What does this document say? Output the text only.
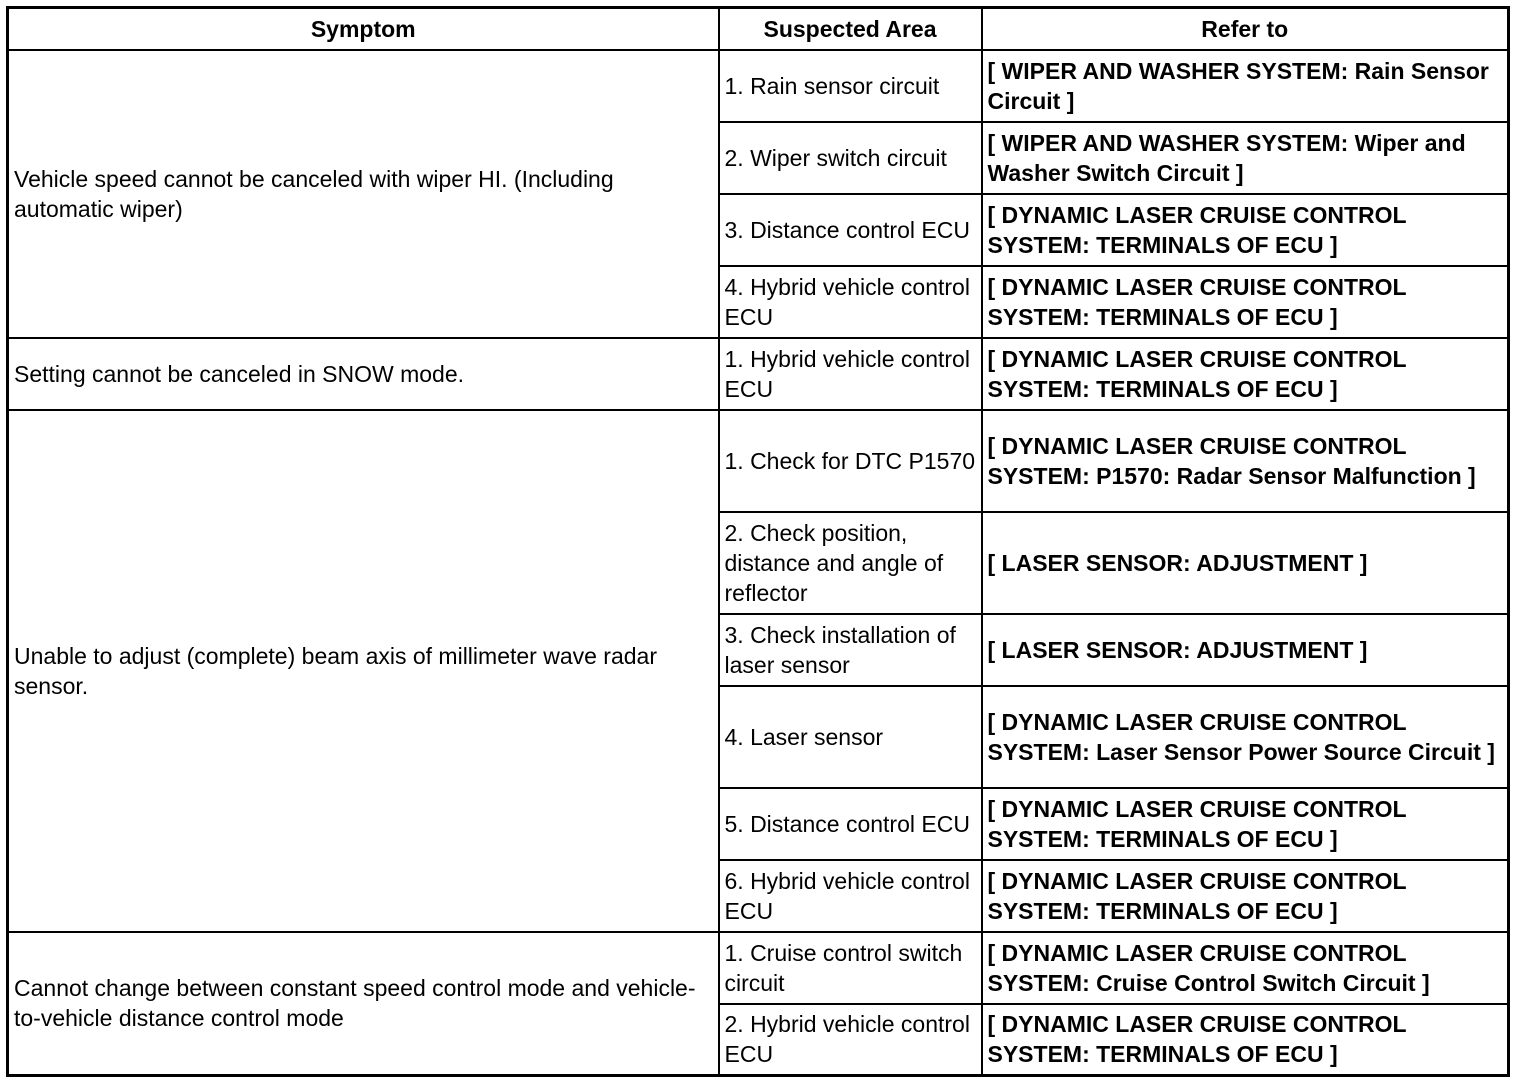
Symptom	Suspected Area	Refer to
Vehicle speed cannot be canceled with wiper HI. (Including automatic wiper)	1. Rain sensor circuit	[ WIPER AND WASHER SYSTEM: Rain Sensor Circuit ]
	2. Wiper switch circuit	[ WIPER AND WASHER SYSTEM: Wiper and Washer Switch Circuit ]
	3. Distance control ECU	[ DYNAMIC LASER CRUISE CONTROL SYSTEM: TERMINALS OF ECU ]
	4. Hybrid vehicle control ECU	[ DYNAMIC LASER CRUISE CONTROL SYSTEM: TERMINALS OF ECU ]
Setting cannot be canceled in SNOW mode.	1. Hybrid vehicle control ECU	[ DYNAMIC LASER CRUISE CONTROL SYSTEM: TERMINALS OF ECU ]
Unable to adjust (complete) beam axis of millimeter wave radar sensor.	1. Check for DTC P1570	[ DYNAMIC LASER CRUISE CONTROL SYSTEM: P1570: Radar Sensor Malfunction ]
	2. Check position, distance and angle of reflector	[ LASER SENSOR: ADJUSTMENT ]
	3. Check installation of laser sensor	[ LASER SENSOR: ADJUSTMENT ]
	4. Laser sensor	[ DYNAMIC LASER CRUISE CONTROL SYSTEM: Laser Sensor Power Source Circuit ]
	5. Distance control ECU	[ DYNAMIC LASER CRUISE CONTROL SYSTEM: TERMINALS OF ECU ]
	6. Hybrid vehicle control ECU	[ DYNAMIC LASER CRUISE CONTROL SYSTEM: TERMINALS OF ECU ]
Cannot change between constant speed control mode and vehicle-to-vehicle distance control mode	1. Cruise control switch circuit	[ DYNAMIC LASER CRUISE CONTROL SYSTEM: Cruise Control Switch Circuit ]
	2. Hybrid vehicle control ECU	[ DYNAMIC LASER CRUISE CONTROL SYSTEM: TERMINALS OF ECU ]
